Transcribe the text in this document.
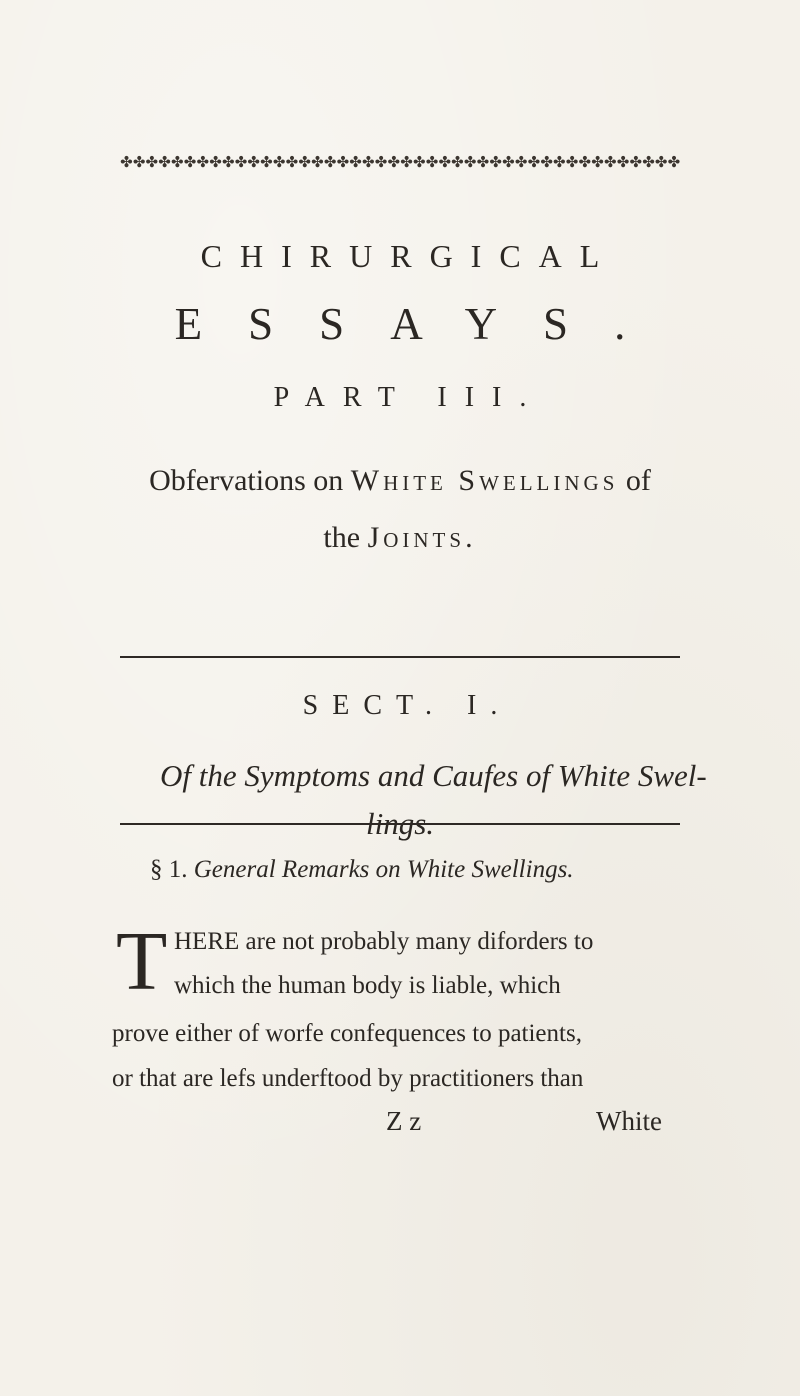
✤ ✤ ✤ ✤ ✤ ✤ ✤ ✤ ✤ ✤ ✤ ✤ ✤ ✤ ✤ ✤ ✤ ✤ ✤ ✤ ✤ ✤ ✤ ✤ ✤ ✤ ✤ ✤ ✤ ✤ ✤ ✤ ✤ ✤ ✤ ✤ ✤ ✤ ✤ ✤ ✤ ✤ ✤ ✤
CHIRURGICAL
ESSAYS.
PART III.
Obfervations on White Swellings of
the Joints.
SECT. I.
Of the Symptoms and Caufes of White Swel-
lings.
§ 1. General Remarks on White Swellings.
T HERE are not probably many diforders to
which the human body is liable, which
prove either of worfe confequences to patients,
or that are lefs underftood by practitioners than
Z z	White
